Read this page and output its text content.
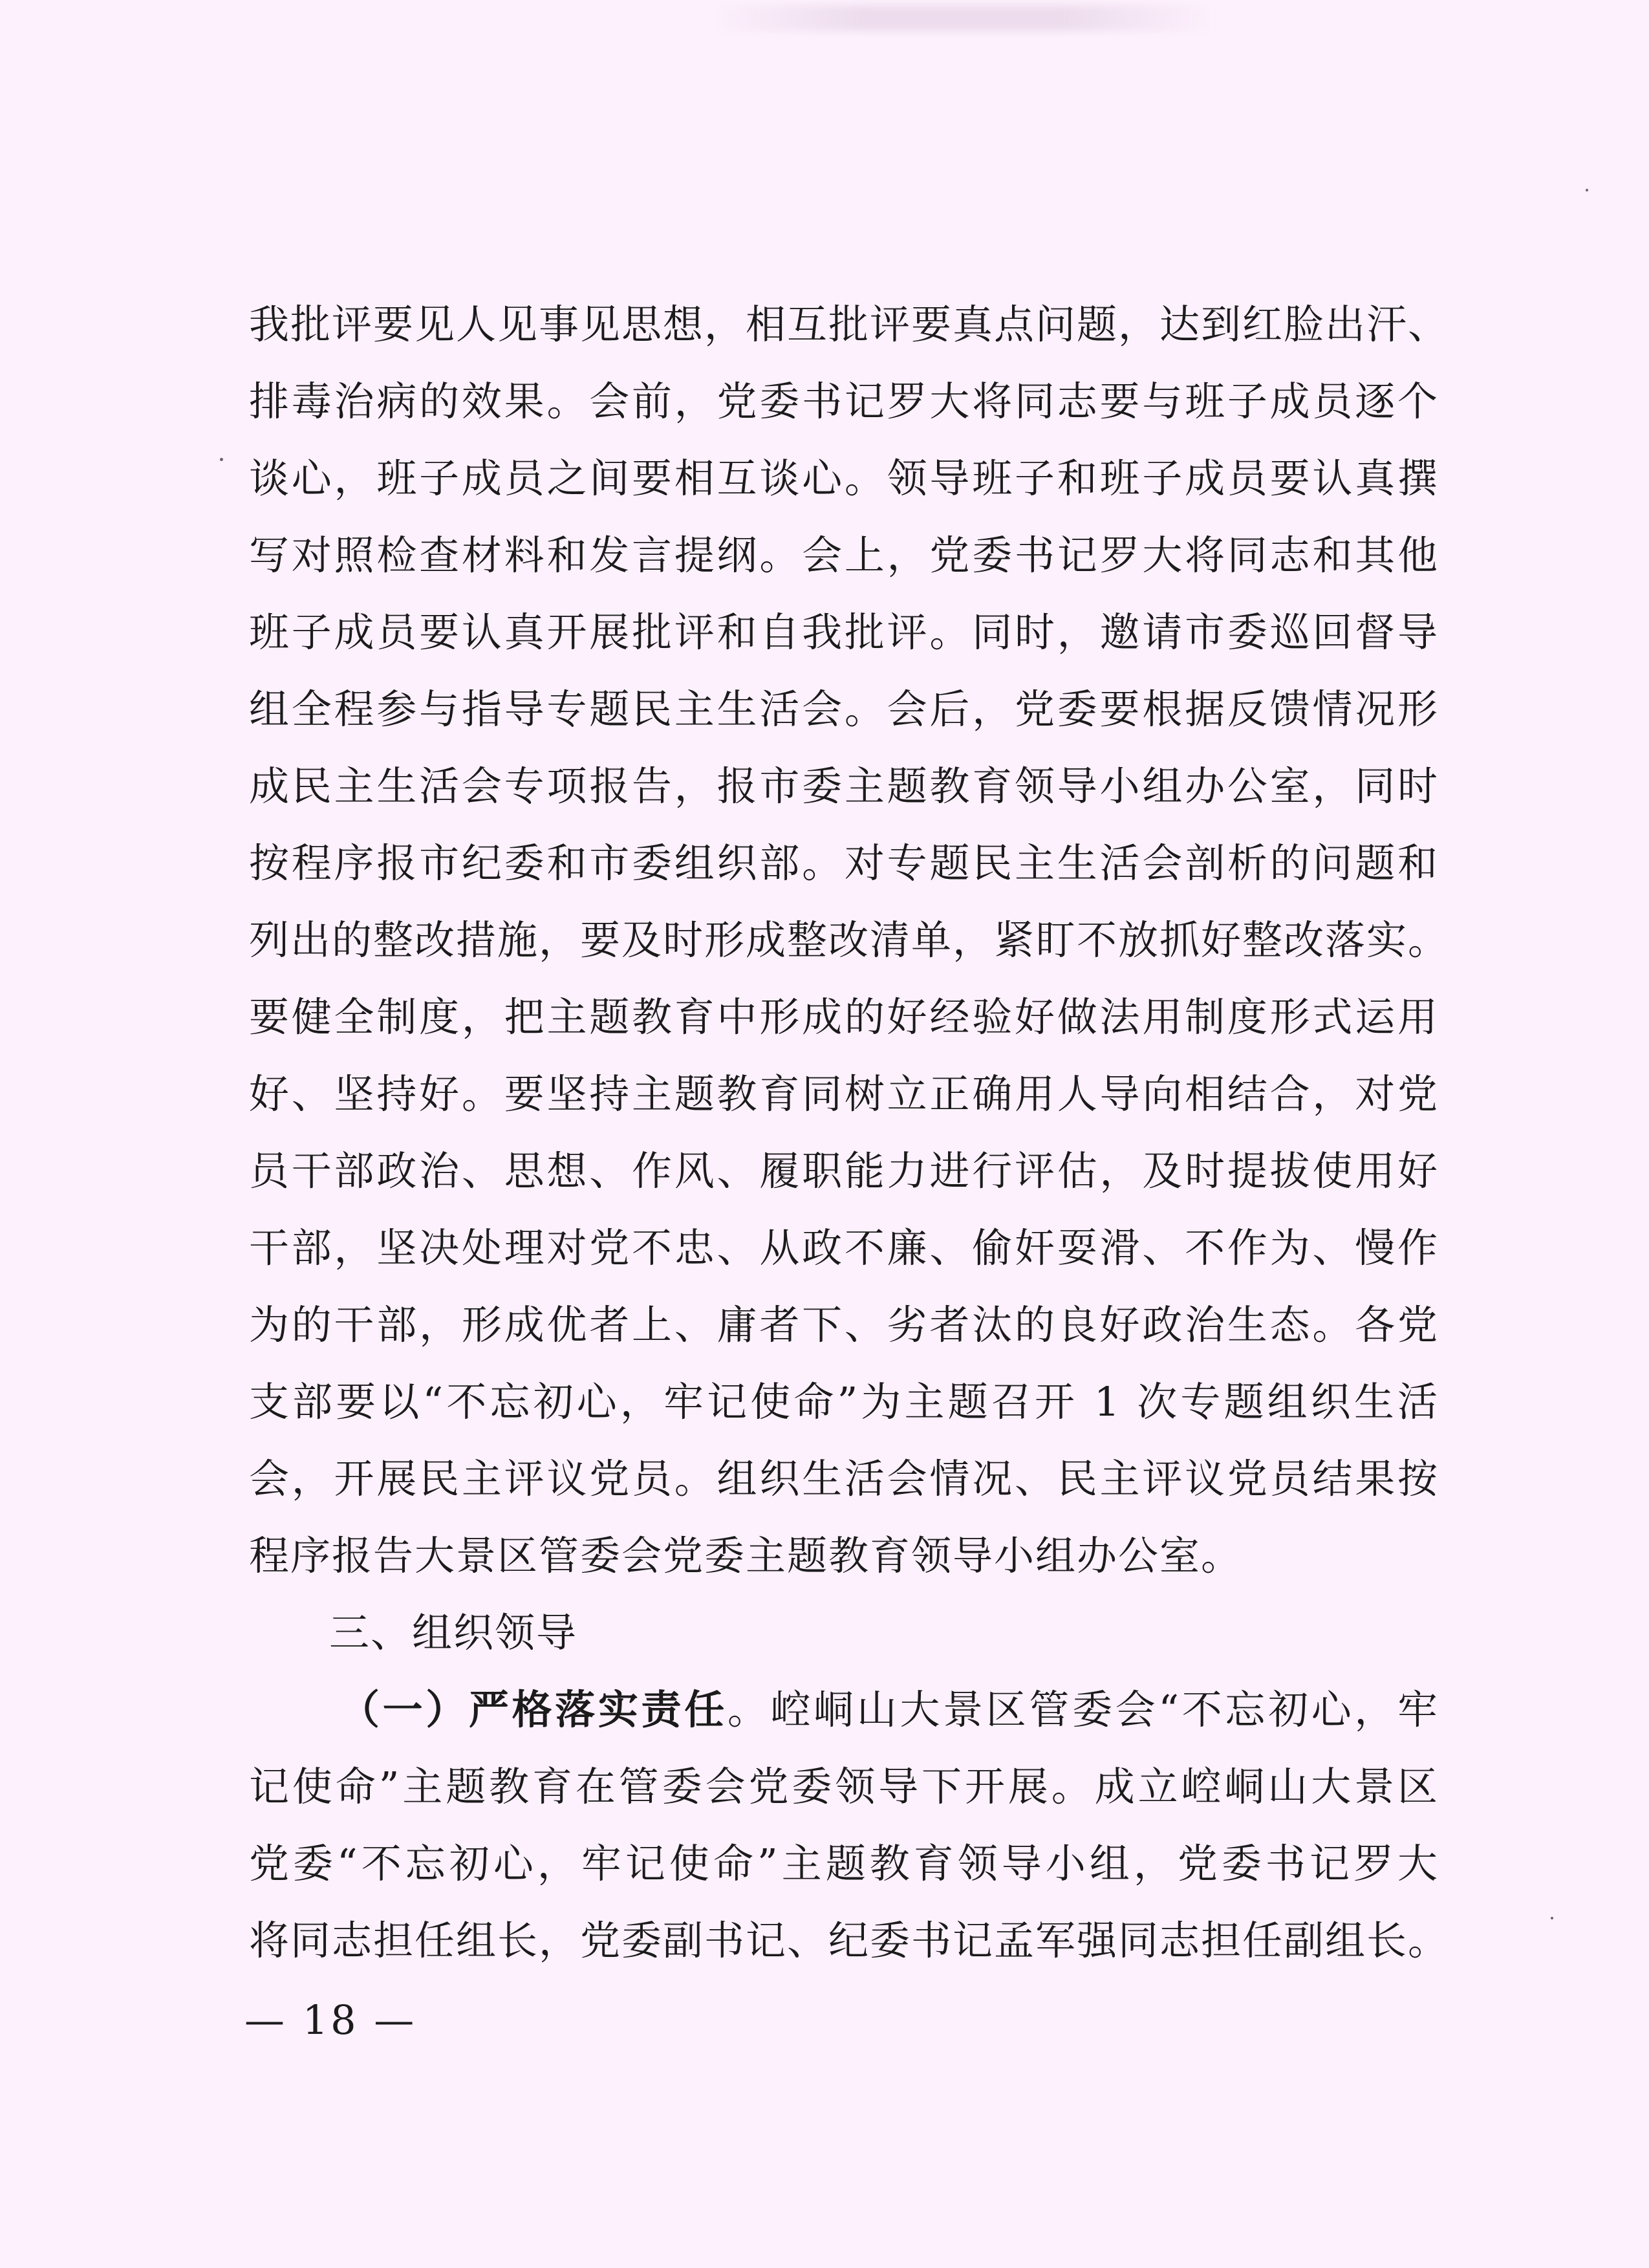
我批评要见人见事见思想，相互批评要真点问题，达到红脸出汗、
排毒治病的效果。会前，党委书记罗大将同志要与班子成员逐个
谈心，班子成员之间要相互谈心。领导班子和班子成员要认真撰
写对照检查材料和发言提纲。会上，党委书记罗大将同志和其他
班子成员要认真开展批评和自我批评。同时，邀请市委巡回督导
组全程参与指导专题民主生活会。会后，党委要根据反馈情况形
成民主生活会专项报告，报市委主题教育领导小组办公室，同时
按程序报市纪委和市委组织部。对专题民主生活会剖析的问题和
列出的整改措施，要及时形成整改清单，紧盯不放抓好整改落实。
要健全制度，把主题教育中形成的好经验好做法用制度形式运用
好、坚持好。要坚持主题教育同树立正确用人导向相结合，对党
员干部政治、思想、作风、履职能力进行评估，及时提拔使用好
干部，坚决处理对党不忠、从政不廉、偷奸耍滑、不作为、慢作
为的干部，形成优者上、庸者下、劣者汰的良好政治生态。各党
支部要以“不忘初心，牢记使命”为主题召开 1 次专题组织生活
会，开展民主评议党员。组织生活会情况、民主评议党员结果按
程序报告大景区管委会党委主题教育领导小组办公室。
三、组织领导
（一）严格落实责任。崆峒山大景区管委会“不忘初心，牢
记使命”主题教育在管委会党委领导下开展。成立崆峒山大景区
党委“不忘初心，牢记使命”主题教育领导小组，党委书记罗大
将同志担任组长，党委副书记、纪委书记孟军强同志担任副组长。
— 18 —
